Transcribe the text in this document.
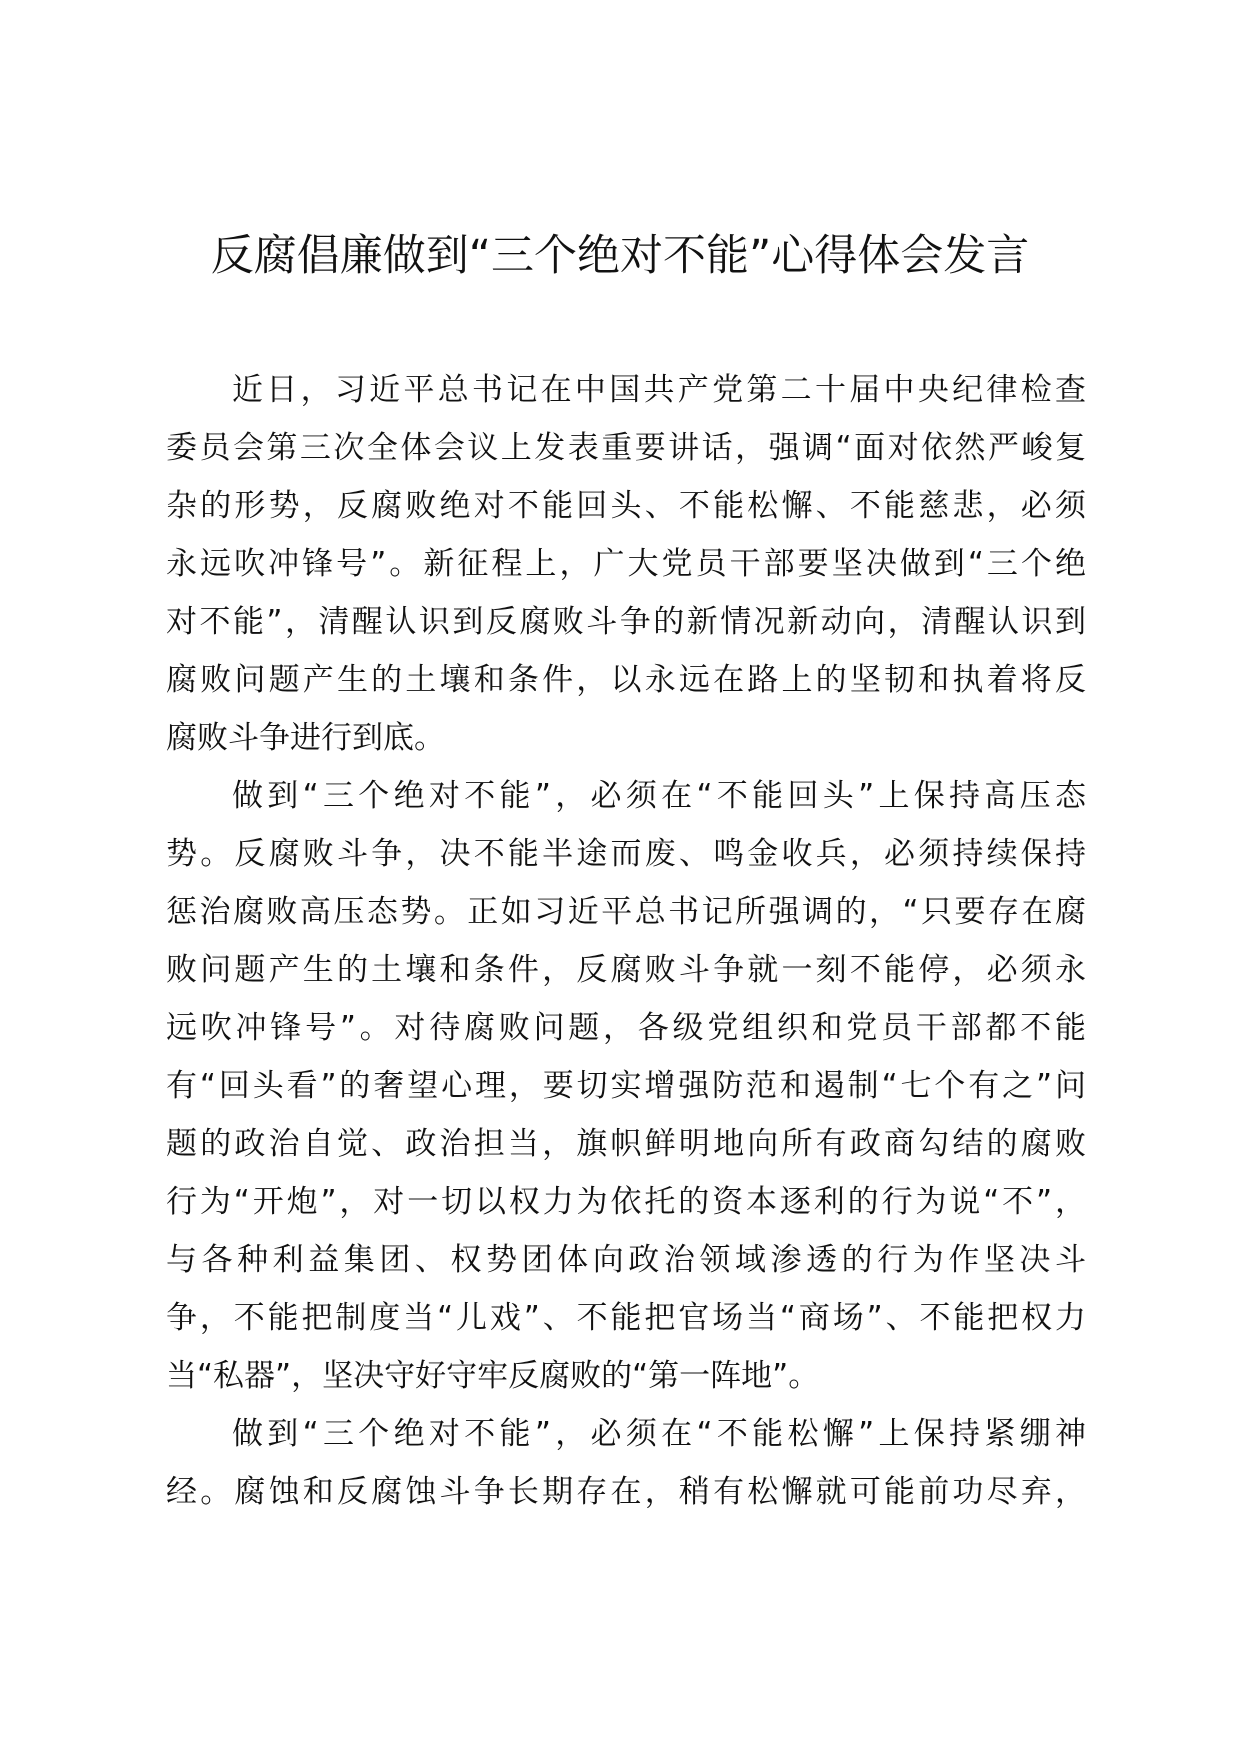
反腐倡廉做到“三个绝对不能”心得体会发言
近日，习近平总书记在中国共产党第二十届中央纪律检查
委员会第三次全体会议上发表重要讲话，强调“面对依然严峻复
杂的形势，反腐败绝对不能回头、不能松懈、不能慈悲，必须
永远吹冲锋号”。新征程上，广大党员干部要坚决做到“三个绝
对不能”，清醒认识到反腐败斗争的新情况新动向，清醒认识到
腐败问题产生的土壤和条件，以永远在路上的坚韧和执着将反
腐败斗争进行到底。
做到“三个绝对不能”，必须在“不能回头”上保持高压态
势。反腐败斗争，决不能半途而废、鸣金收兵，必须持续保持
惩治腐败高压态势。正如习近平总书记所强调的，“只要存在腐
败问题产生的土壤和条件，反腐败斗争就一刻不能停，必须永
远吹冲锋号”。对待腐败问题，各级党组织和党员干部都不能
有“回头看”的奢望心理，要切实增强防范和遏制“七个有之”问
题的政治自觉、政治担当，旗帜鲜明地向所有政商勾结的腐败
行为“开炮”，对一切以权力为依托的资本逐利的行为说“不”，
与各种利益集团、权势团体向政治领域渗透的行为作坚决斗
争，不能把制度当“儿戏”、不能把官场当“商场”、不能把权力
当“私器”，坚决守好守牢反腐败的“第一阵地”。
做到“三个绝对不能”，必须在“不能松懈”上保持紧绷神
经。腐蚀和反腐蚀斗争长期存在，稍有松懈就可能前功尽弃，
